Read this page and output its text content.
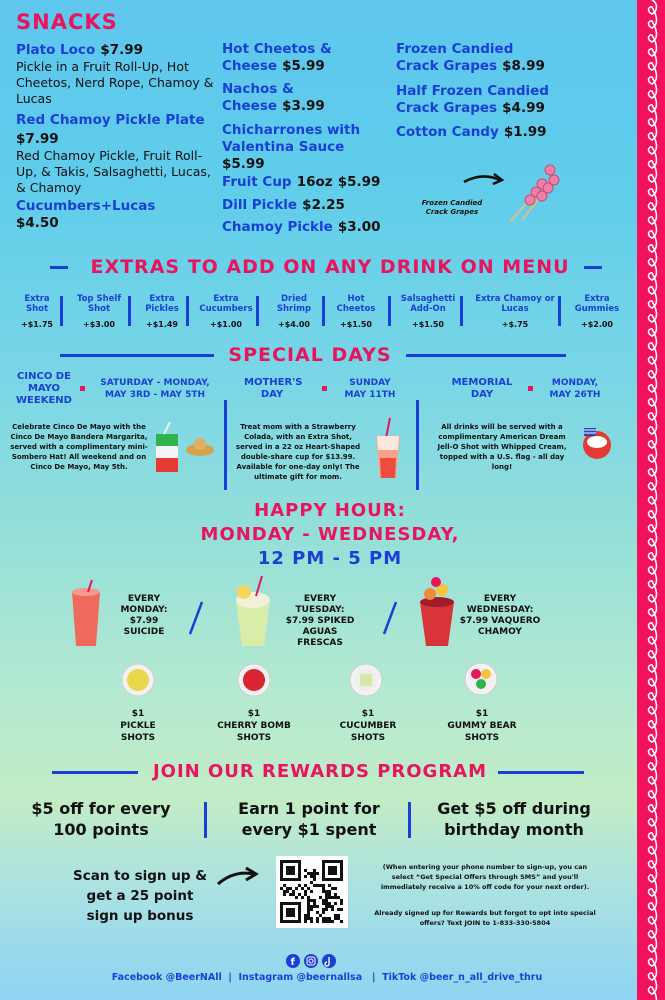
SNACKS
Plato Loco $7.99
Pickle in a Fruit Roll-Up, Hot Cheetos, Nerd Rope, Chamoy & Lucas
Red Chamoy Pickle Plate $7.99
Red Chamoy Pickle, Fruit Roll-Up, & Takis, Salsaghetti, Lucas, & Chamoy
Cucumbers+Lucas
$4.50
Hot Cheetos & Cheese $5.99
Nachos & Cheese $3.99
Chicharrones with Valentina Sauce
$5.99
Fruit Cup 16oz $5.99
Dill Pickle $2.25
Chamoy Pickle $3.00
Frozen Candied Crack Grapes $8.99
Half Frozen Candied Crack Grapes $4.99
Cotton Candy $1.99
Frozen Candied Crack Grapes
EXTRAS TO ADD ON ANY DRINK ON MENU
Extra Shot
+$1.75
Top Shelf Shot
+$3.00
Extra Pickles
+$1.49
Extra Cucumbers
+$1.00
Dried Shrimp
+$4.00
Hot Cheetos
+$1.50
Salsaghetti Add-On
+$1.50
Extra Chamoy or Lucas
+$.75
Extra Gummies
+$2.00
SPECIAL DAYS
CINCO DE MAYO WEEKEND
SATURDAY - MONDAY, MAY 3RD - MAY 5TH
Celebrate Cinco De Mayo with the Cinco De Mayo Bandera Margarita, served with a complimentary mini-Sombero Hat! All weekend and on Cinco De Mayo, May 5th.
MOTHER'S DAY
SUNDAY MAY 11TH
Treat mom with a Strawberry Colada, with an Extra Shot, served in a 22 oz Heart-Shaped double-share cup for $13.99. Available for one-day only! The ultimate gift for mom.
MEMORIAL DAY
MONDAY, MAY 26TH
All drinks will be served with a complimentary American Dream Jell-O Shot with Whipped Cream, topped with a U.S. flag - all day long!
HAPPY HOUR:
MONDAY - WEDNESDAY,
12 PM - 5 PM
EVERY MONDAY: $7.99 SUICIDE
EVERY TUESDAY: $7.99 SPIKED AGUAS FRESCAS
EVERY WEDNESDAY: $7.99 VAQUERO CHAMOY
$1
PICKLE SHOTS
$1
CHERRY BOMB SHOTS
$1
CUCUMBER SHOTS
$1
GUMMY BEAR SHOTS
JOIN OUR REWARDS PROGRAM
$5 off for every 100 points
Earn 1 point for every $1 spent
Get $5 off during birthday month
Scan to sign up & get a 25 point sign up bonus
(When entering your phone number to sign-up, you can select “Get Special Offers through SMS” and you'll immediately receive a 10% off code for your next order).
Already signed up for Rewards but forgot to opt into special offers? Text JOIN to 1-833-330-5804
f
Facebook @BeerNAll  |  Instagram @beernallsa   |  TikTok @beer_n_all_drive_thru
